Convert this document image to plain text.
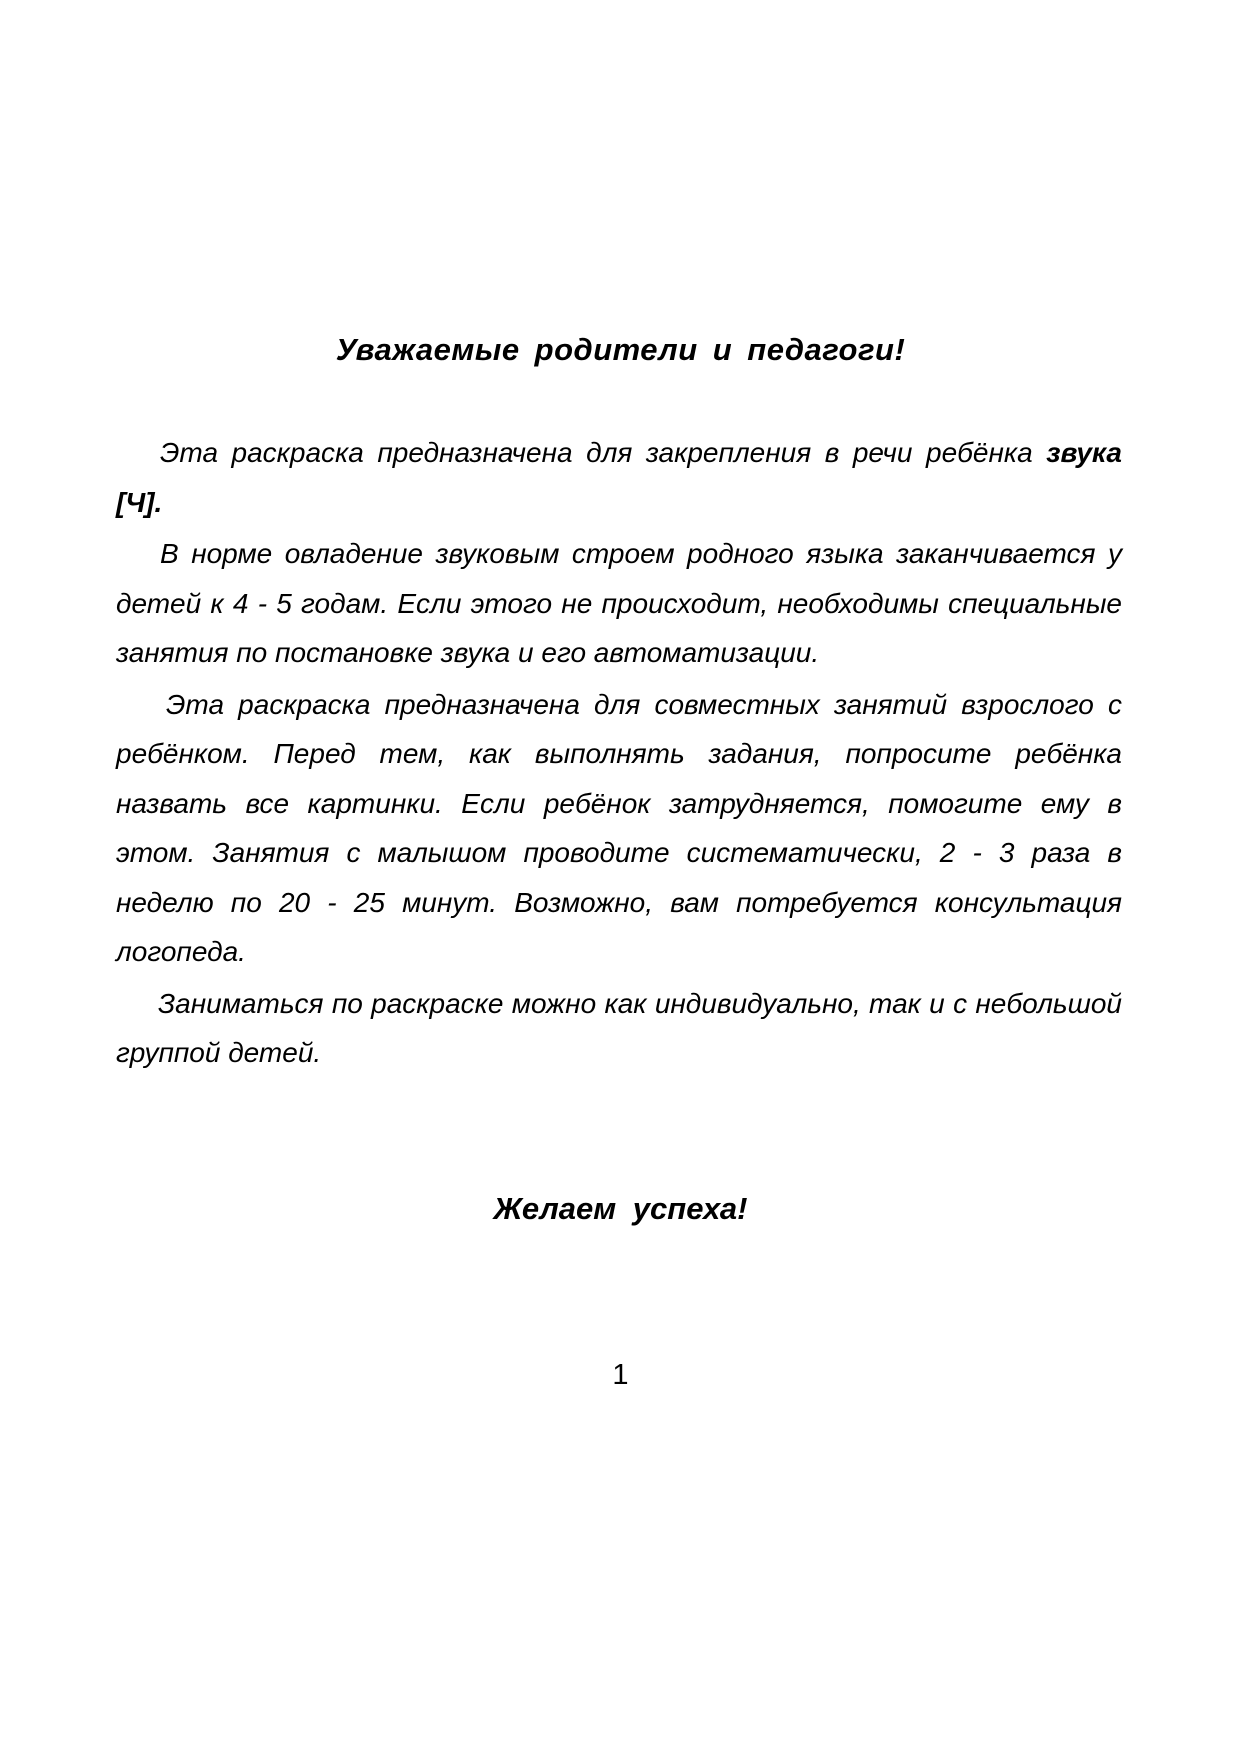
Уважаемые родители и педагоги!

Эта раскраска предназначена для закрепления в речи ребёнка звука [Ч].

В норме овладение звуковым строем родного языка заканчивается у детей к 4 - 5 годам. Если этого не происходит, необходимы специальные занятия по постановке звука и его автоматизации.

Эта раскраска предназначена для совместных занятий взрослого с ребёнком. Перед тем, как выполнять задания, попросите ребёнка назвать все картинки. Если ребёнок затрудняется, помогите ему в этом. Занятия с малышом проводите систематически, 2 - 3 раза в неделю по 20 - 25 минут. Возможно, вам потребуется консультация логопеда.

Заниматься по раскраске можно как индивидуально, так и с небольшой группой детей.

Желаем успеха!

1
